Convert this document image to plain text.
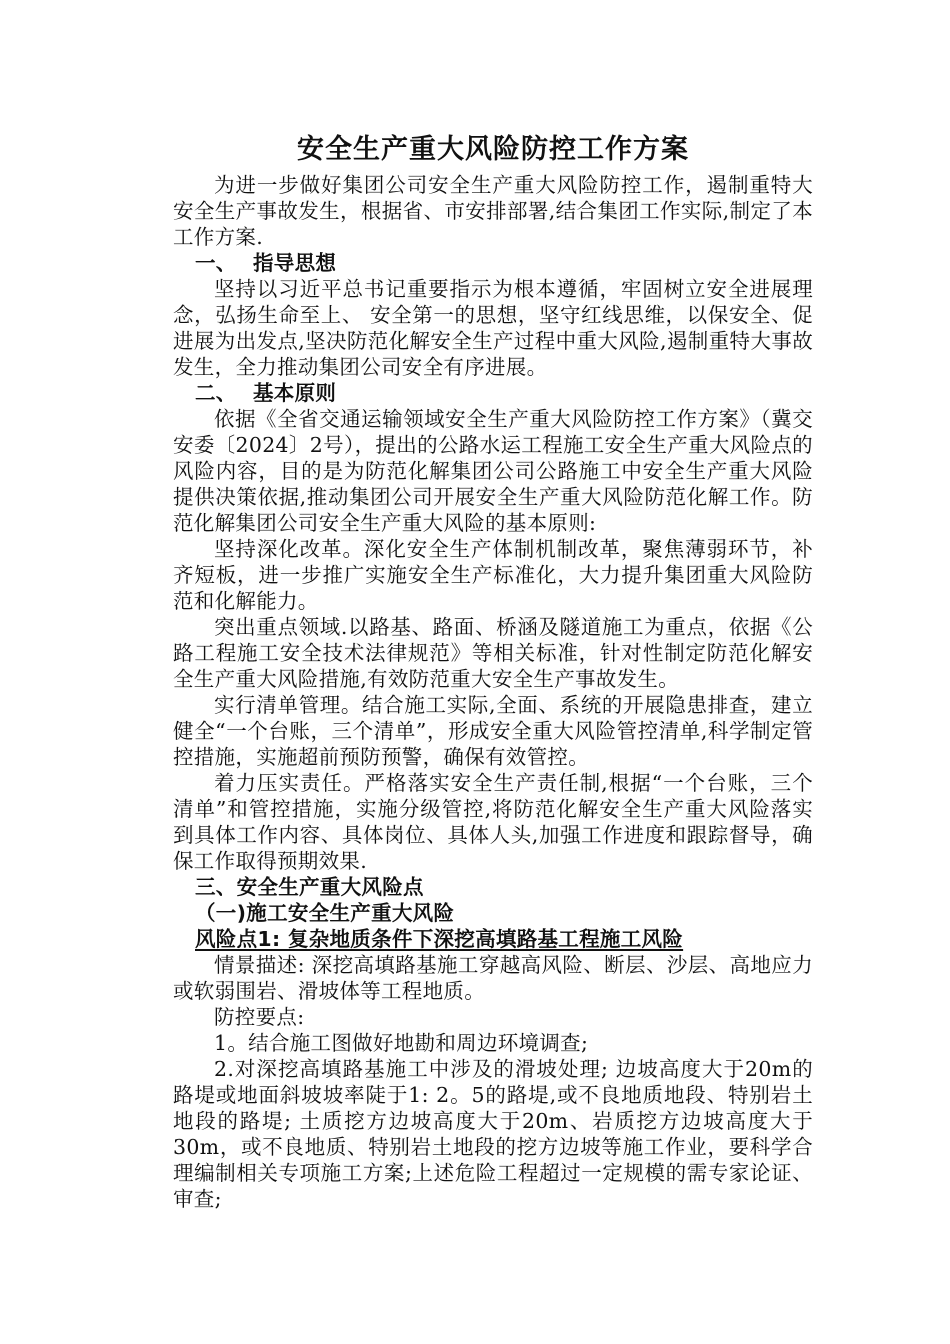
安全生产重大风险防控工作方案

为进一步做好集团公司安全生产重大风险防控工作，遏制重特大安全生产事故发生，根据省、市安排部署,结合集团工作实际,制定了本工作方案.

一、 指导思想

坚持以习近平总书记重要指示为根本遵循，牢固树立安全进展理念，弘扬生命至上、 安全第一的思想，坚守红线思维，以保安全、促进展为出发点,坚决防范化解安全生产过程中重大风险,遏制重特大事故发生，全力推动集团公司安全有序进展。

二、 基本原则

依据《全省交通运输领域安全生产重大风险防控工作方案》（冀交安委〔2024〕2号），提出的公路水运工程施工安全生产重大风险点的风险内容，目的是为防范化解集团公司公路施工中安全生产重大风险提供决策依据,推动集团公司开展安全生产重大风险防范化解工作。防范化解集团公司安全生产重大风险的基本原则:

坚持深化改革。深化安全生产体制机制改革，聚焦薄弱环节，补齐短板，进一步推广实施安全生产标准化，大力提升集团重大风险防范和化解能力。

突出重点领域.以路基、路面、桥涵及隧道施工为重点，依据《公路工程施工安全技术法律规范》等相关标准，针对性制定防范化解安全生产重大风险措施,有效防范重大安全生产事故发生。

实行清单管理。结合施工实际,全面、系统的开展隐患排查，建立健全“一个台账，三个清单”，形成安全重大风险管控清单,科学制定管控措施，实施超前预防预警，确保有效管控。

着力压实责任。严格落实安全生产责任制,根据“一个台账，三个清单”和管控措施，实施分级管控,将防范化解安全生产重大风险落实到具体工作内容、具体岗位、具体人头,加强工作进度和跟踪督导，确保工作取得预期效果.

三、安全生产重大风险点
（一)施工安全生产重大风险
风险点1: 复杂地质条件下深挖高填路基工程施工风险

情景描述: 深挖高填路基施工穿越高风险、断层、沙层、高地应力或软弱围岩、滑坡体等工程地质。

防控要点:

1。结合施工图做好地勘和周边环境调查;

2.对深挖高填路基施工中涉及的滑坡处理; 边坡高度大于20m的路堤或地面斜坡坡率陡于1: 2。5的路堤,或不良地质地段、特别岩土地段的路堤; 土质挖方边坡高度大于20m、岩质挖方边坡高度大于30m，或不良地质、特别岩土地段的挖方边坡等施工作业，要科学合理编制相关专项施工方案;上述危险工程超过一定规模的需专家论证、审查;
